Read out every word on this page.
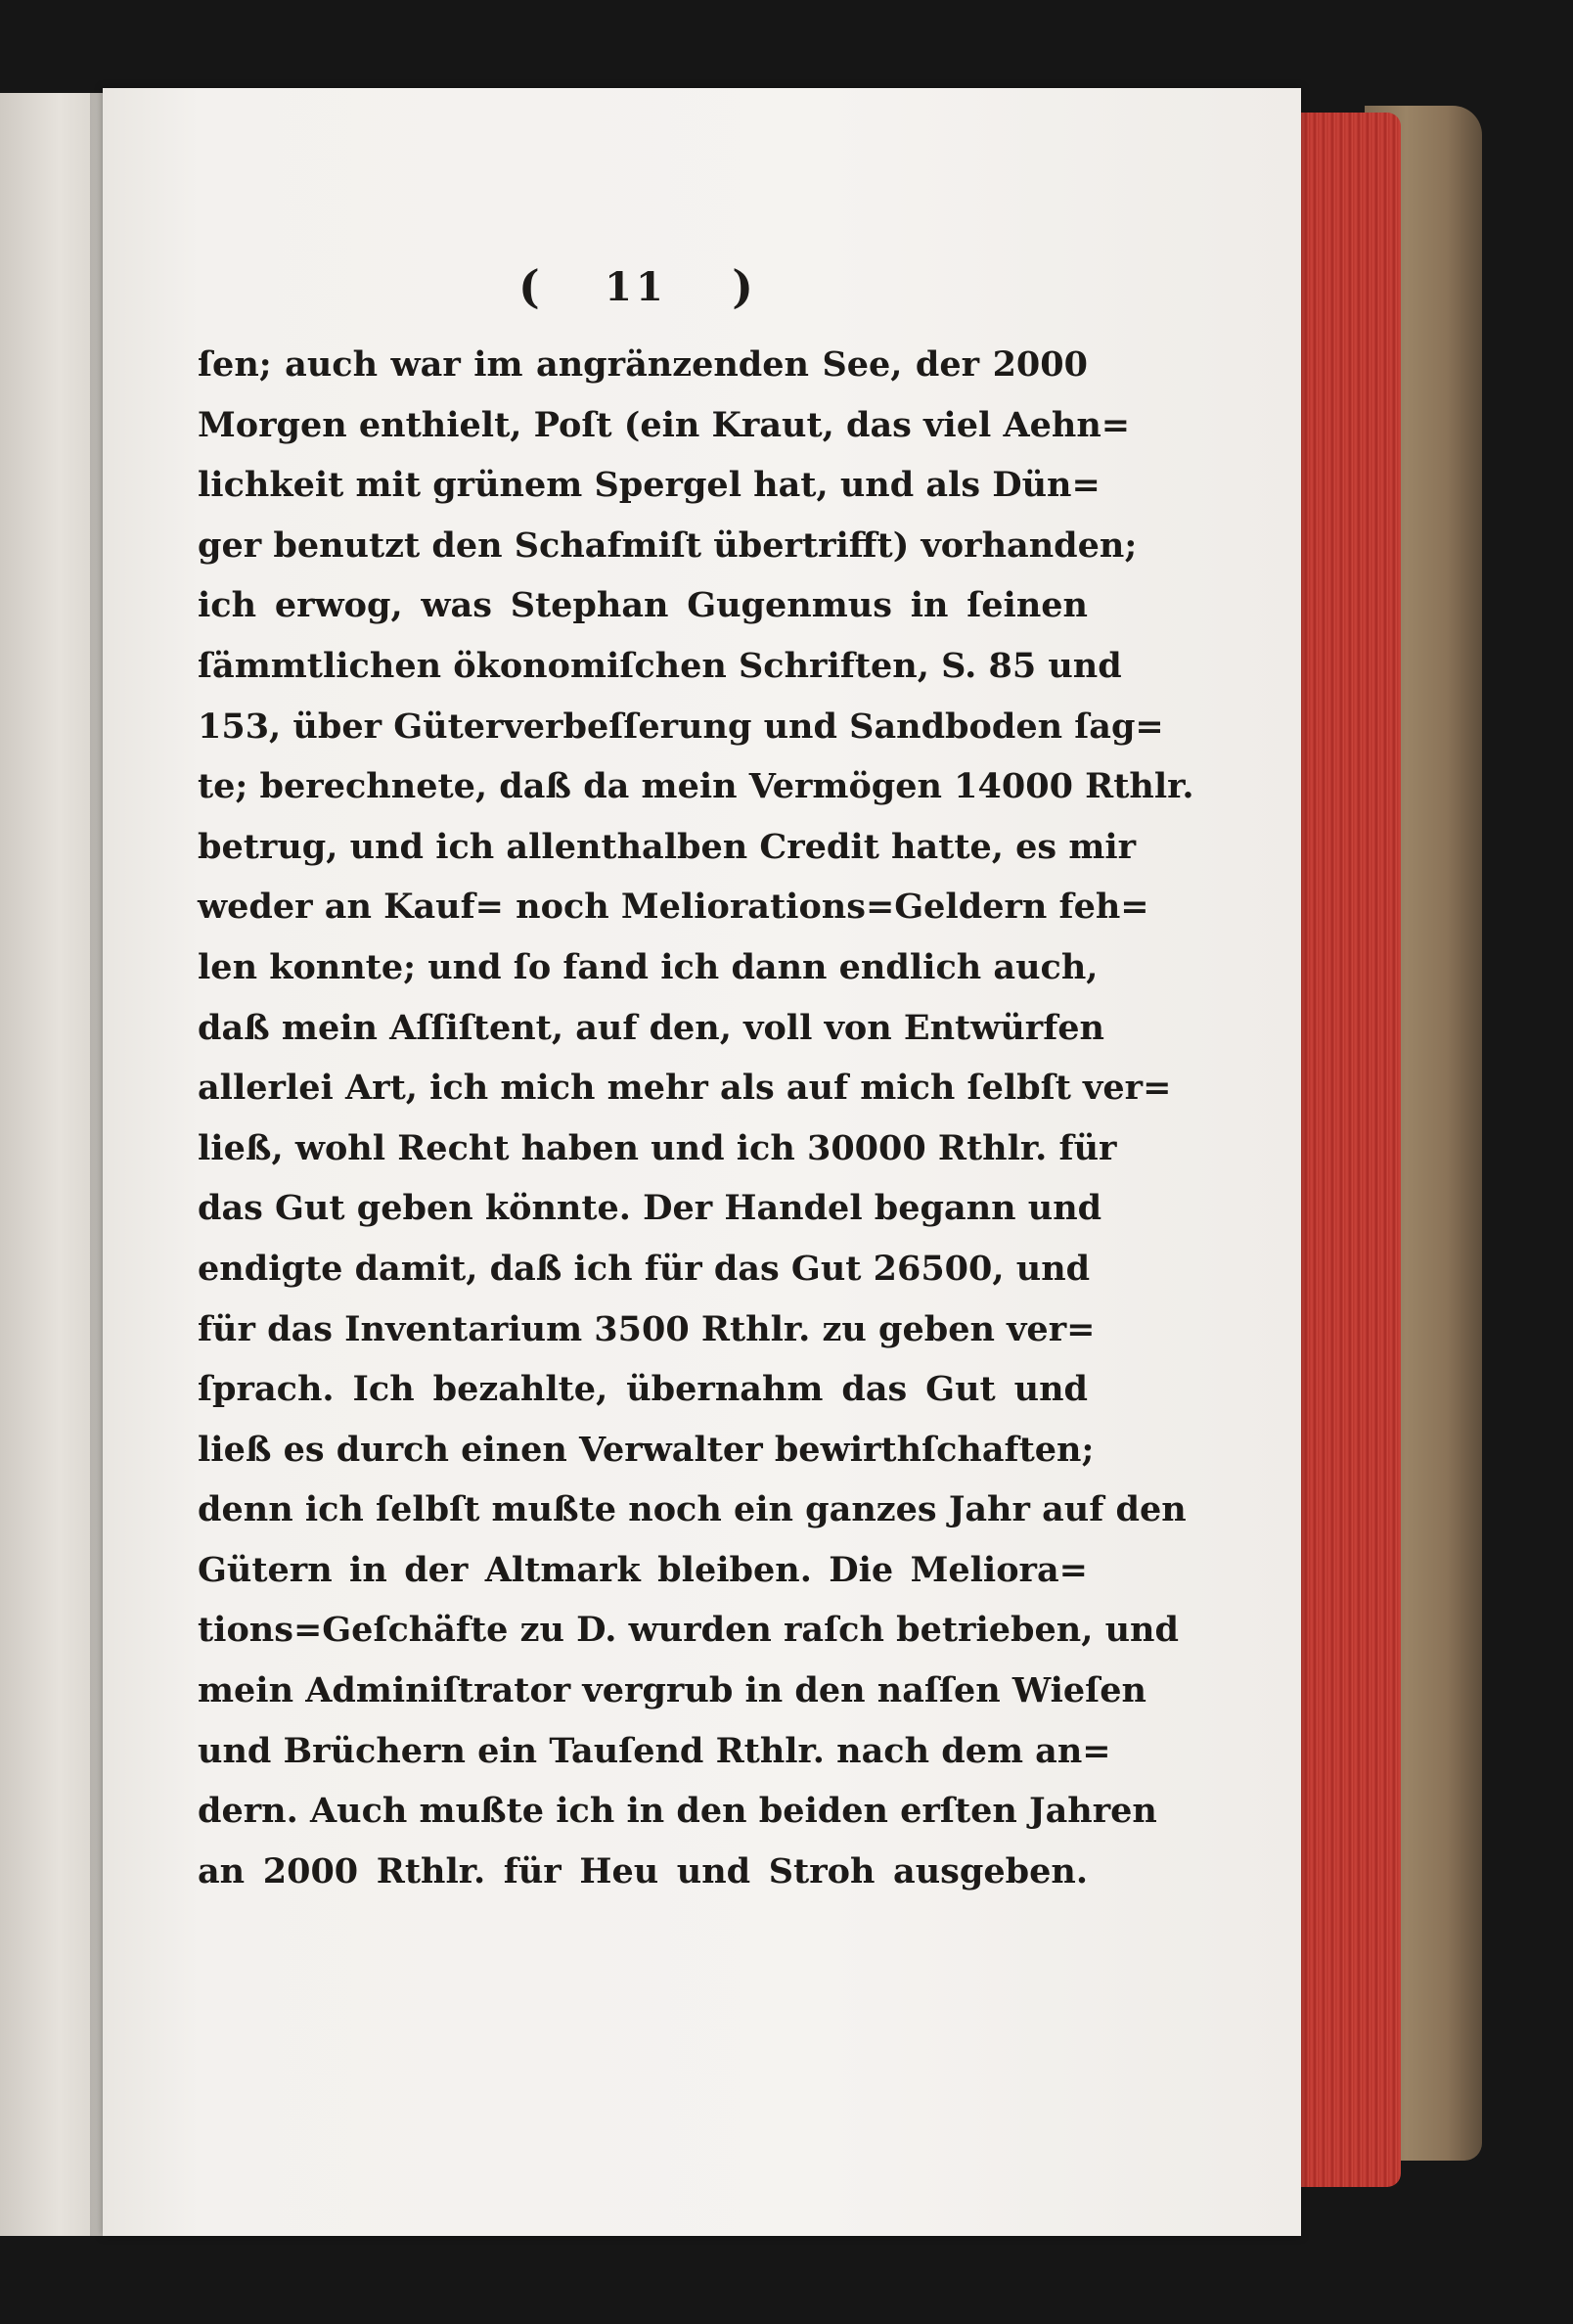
( 11 )
ſen; auch war im angränzenden See, der 2000
Morgen enthielt, Poſt (ein Kraut, das viel Aehn=
lichkeit mit grünem Spergel hat, und als Dün=
ger benutzt den Schafmiſt übertrifft) vorhanden;
ich erwog, was Stephan Gugenmus in ſeinen
ſämmtlichen ökonomiſchen Schriften, S. 85 und
153, über Güterverbeſſerung und Sandboden ſag=
te; berechnete, daß da mein Vermögen 14000 Rthlr.
betrug, und ich allenthalben Credit hatte, es mir
weder an Kauf= noch Meliorations=Geldern feh=
len konnte; und ſo fand ich dann endlich auch,
daß mein Aſſiſtent, auf den, voll von Entwürfen
allerlei Art, ich mich mehr als auf mich ſelbſt ver=
ließ, wohl Recht haben und ich 30000 Rthlr. für
das Gut geben könnte. Der Handel begann und
endigte damit, daß ich für das Gut 26500, und
für das Inventarium 3500 Rthlr. zu geben ver=
ſprach. Ich bezahlte, übernahm das Gut und
ließ es durch einen Verwalter bewirthſchaften;
denn ich ſelbſt mußte noch ein ganzes Jahr auf den
Gütern in der Altmark bleiben. Die Meliora=
tions=Geſchäfte zu D. wurden raſch betrieben, und
mein Adminiſtrator vergrub in den naſſen Wieſen
und Brüchern ein Tauſend Rthlr. nach dem an=
dern. Auch mußte ich in den beiden erſten Jahren
an 2000 Rthlr. für Heu und Stroh ausgeben.
